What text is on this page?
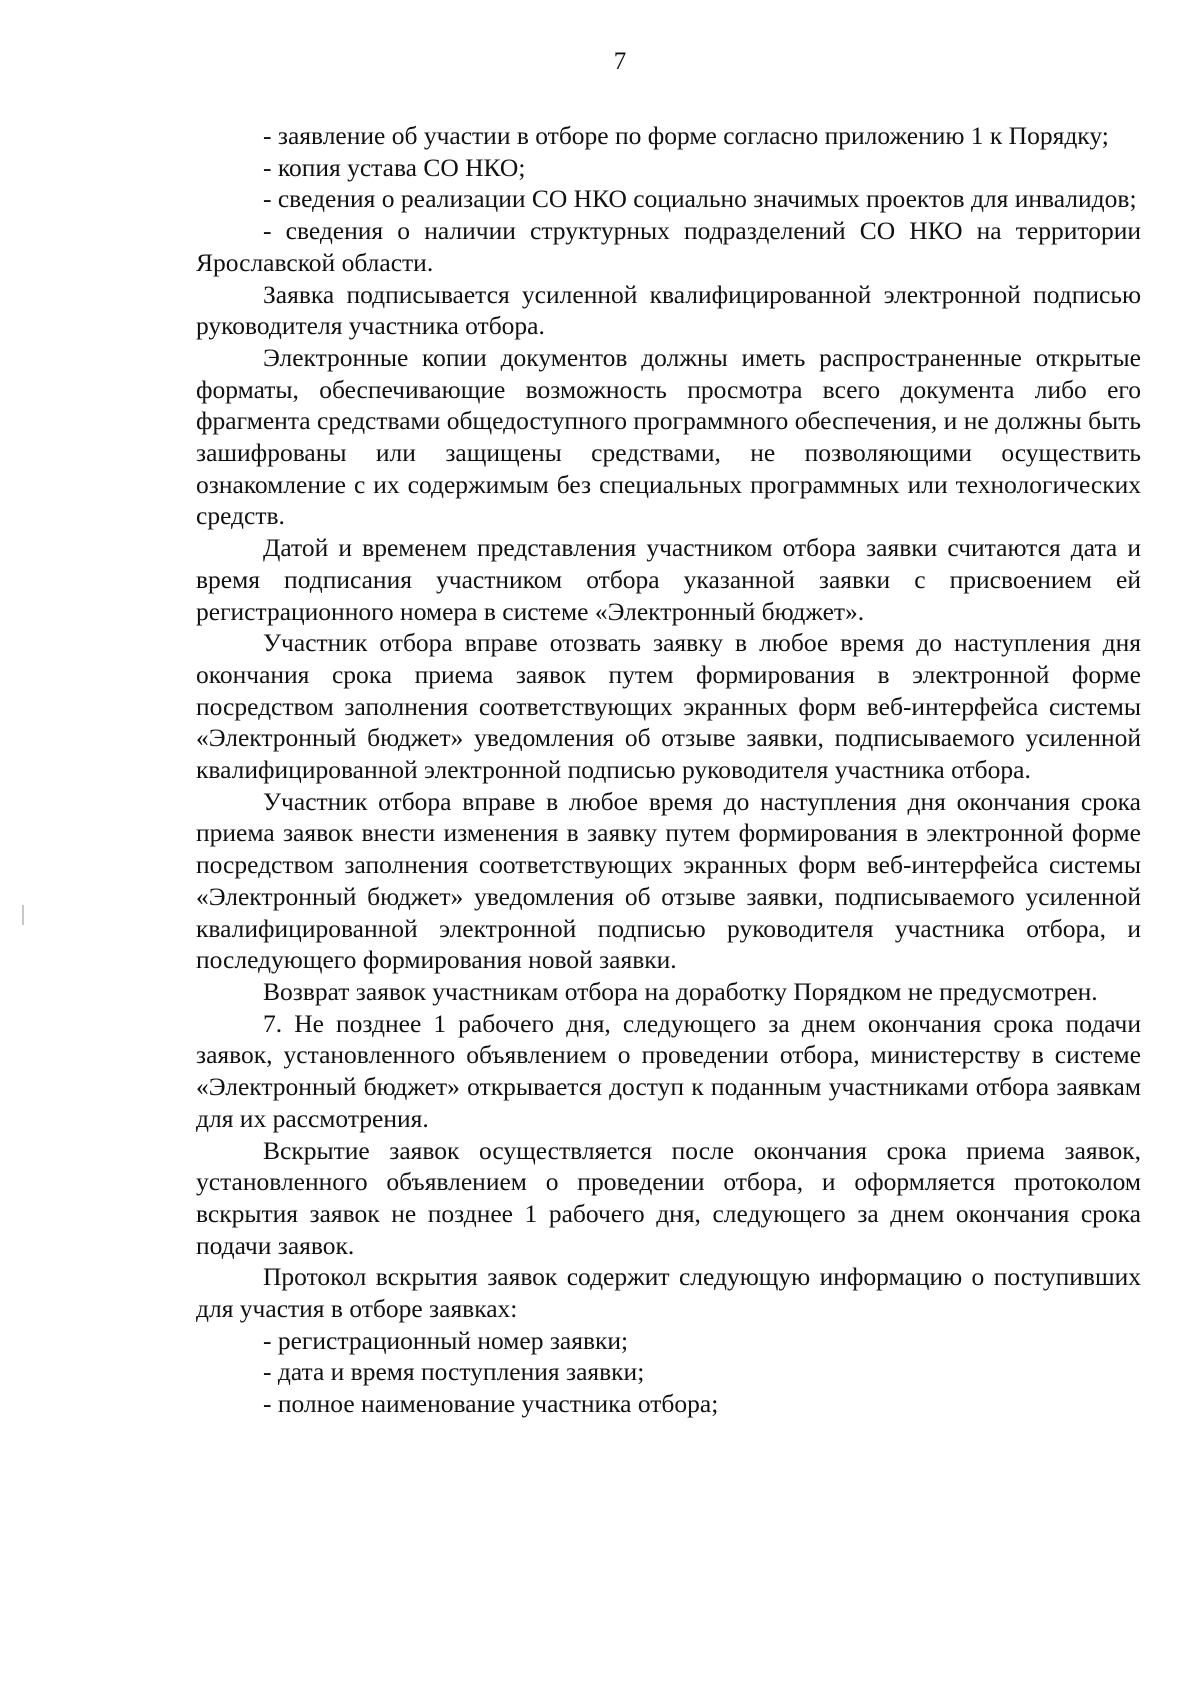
7

- заявление об участии в отборе по форме согласно приложению 1 к Порядку;

- копия устава СО НКО;

- сведения о реализации СО НКО социально значимых проектов для инвалидов;

- сведения о наличии структурных подразделений СО НКО на территории Ярославской области.

Заявка подписывается усиленной квалифицированной электронной подписью руководителя участника отбора.

Электронные копии документов должны иметь распространенные открытые форматы, обеспечивающие возможность просмотра всего документа либо его фрагмента средствами общедоступного программного обеспечения, и не должны быть зашифрованы или защищены средствами, не позволяющими осуществить ознакомление с их содержимым без специальных программных или технологических средств.

Датой и временем представления участником отбора заявки считаются дата и время подписания участником отбора указанной заявки с присвоением ей регистрационного номера в системе «Электронный бюджет».

Участник отбора вправе отозвать заявку в любое время до наступления дня окончания срока приема заявок путем формирования в электронной форме посредством заполнения соответствующих экранных форм веб-интерфейса системы «Электронный бюджет» уведомления об отзыве заявки, подписываемого усиленной квалифицированной электронной подписью руководителя участника отбора.

Участник отбора вправе в любое время до наступления дня окончания срока приема заявок внести изменения в заявку путем формирования в электронной форме посредством заполнения соответствующих экранных форм веб-интерфейса системы «Электронный бюджет» уведомления об отзыве заявки, подписываемого усиленной квалифицированной электронной подписью руководителя участника отбора, и последующего формирования новой заявки.

Возврат заявок участникам отбора на доработку Порядком не предусмотрен.

7. Не позднее 1 рабочего дня, следующего за днем окончания срока подачи заявок, установленного объявлением о проведении отбора, министерству в системе «Электронный бюджет» открывается доступ к поданным участниками отбора заявкам для их рассмотрения.

Вскрытие заявок осуществляется после окончания срока приема заявок, установленного объявлением о проведении отбора, и оформляется протоколом вскрытия заявок не позднее 1 рабочего дня, следующего за днем окончания срока подачи заявок.

Протокол вскрытия заявок содержит следующую информацию о поступивших для участия в отборе заявках:

- регистрационный номер заявки;

- дата и время поступления заявки;

- полное наименование участника отбора;
